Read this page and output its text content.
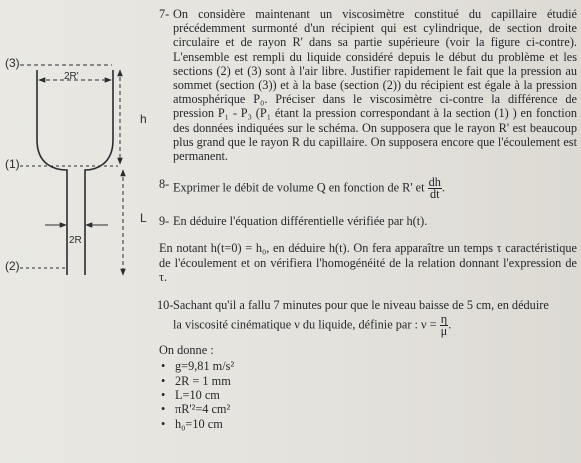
(3)
2R'
h
(1)
L
2R
(2)
7- On considère maintenant un viscosimètre constitué du capillaire étudié précédemment surmonté d'un récipient qui est cylindrique, de section droite circulaire et de rayon R' dans sa partie supérieure (voir la figure ci-contre). L'ensemble est rempli du liquide considéré depuis le début du problème et les sections (2) et (3) sont à l'air libre. Justifier rapidement le fait que la pression au sommet (section (3)) et à la base (section (2)) du récipient est égale à la pression atmosphérique P₀. Préciser dans le viscosimètre ci-contre la différence de pression P₁ - P₃ (P₁ étant la pression correspondant à la section (1) ) en fonction des données indiquées sur le schéma. On supposera que le rayon R' est beaucoup plus grand que le rayon R du capillaire. On supposera encore que l'écoulement est permanent.
8- Exprimer le débit de volume Q en fonction de R' et $\frac{dh}{dt}$ .
9- En déduire l'équation différentielle vérifiée par h(t).
En notant h(t=0) = h₀, en déduire h(t). On fera apparaître un temps τ caractéristique de l'écoulement et on vérifiera l'homogénéité de la relation donnant l'expression de τ.
10- Sachant qu'il a fallu 7 minutes pour que le niveau baisse de 5 cm, en déduire
la viscosité cinématique ν du liquide, définie par : $\nu = \frac{\eta}{\mu}$ .
On donne :
• g=9,81 m/s²
• 2R = 1 mm
• L=10 cm
• πR'²=4 cm²
• h₀=10 cm
